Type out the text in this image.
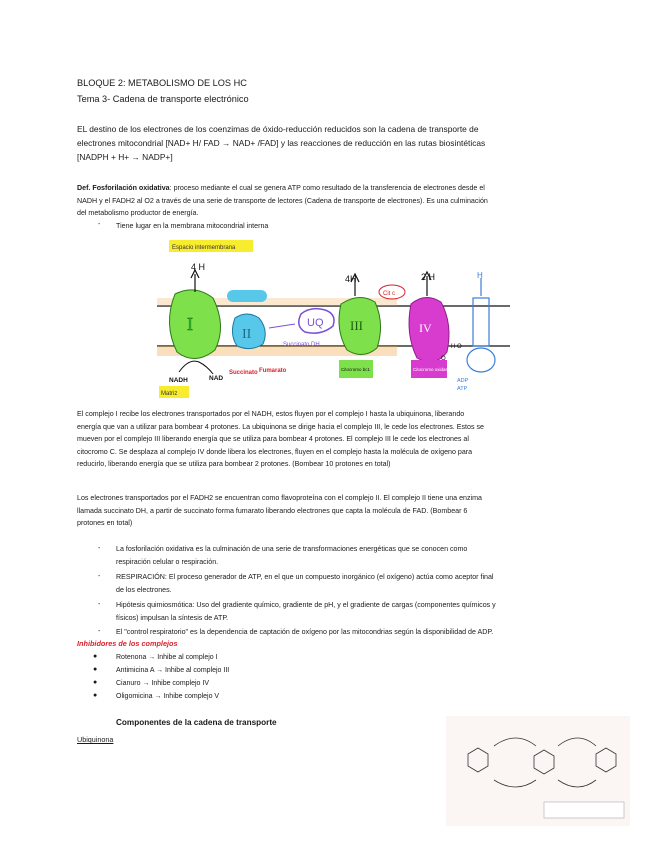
BLOQUE 2: METABOLISMO DE LOS HC
Tema 3- Cadena de transporte electrónico
EL destino de los electrones de los coenzimas de óxido-reducción reducidos son la cadena de transporte de
electrones mitocondrial [NAD+ H/ FAD → NAD+ /FAD] y las reacciones de reducción en las rutas biosintéticas
[NADPH + H+ → NADP+]
Def. Fosforilación oxidativa: proceso mediante el cual se genera ATP como resultado de la transferencia de electrones desde el
NADH y el FADH2 al O2 a través de una serie de transporte de lectores (Cadena de transporte de electrones). Es una culminación
del metabolismo productor de energía.
- Tiene lugar en la membrana mitocondrial interna
Espacio intermembrana
I
4 H
NADH	NAD
II
Succinato Fumarato
Succinato DH
UQ III
4H
Citocromo bc1
Cit c
IV
2 H
Citocromo oxidasa
O
H O
H
ADP
ATP
Matriz
El complejo I recibe los electrones transportados por el NADH, estos fluyen por el complejo I hasta la ubiquinona, liberando
energía que van a utilizar para bombear 4 protones. La ubiquinona se dirige hacia el complejo III, le cede los electrones. Estos se
mueven por el complejo III liberando energía que se utiliza para bombear 4 protones. El complejo III le cede los electrones al
citocromo C. Se desplaza al complejo IV donde libera los electrones, fluyen en el complejo hasta la molécula de oxígeno para
reducirlo, liberando energía que se utiliza para bombear 2 protones. (Bombear 10 protones en total)
Los electrones transportados por el FADH2 se encuentran como flavoproteína con el complejo II. El complejo II tiene una enzima
llamada succinato DH, a partir de succinato forma fumarato liberando electrones que capta la molécula de FAD. (Bombear 6
protones en total)
- La fosforilación oxidativa es la culminación de una serie de transformaciones energéticas que se conocen como
respiración celular o respiración.
- RESPIRACIÓN: El proceso generador de ATP, en el que un compuesto inorgánico (el oxígeno) actúa como aceptor final
de los electrones.
- Hipótesis quimiosmótica: Uso del gradiente químico, gradiente de pH, y el gradiente de cargas (componentes químicos y
físicos) impulsan la síntesis de ATP.
- El "control respiratorio" es la dependencia de captación de oxígeno por las mitocondrias según la disponibilidad de ADP.
Inhibidores de los complejos
●	Rotenona → Inhibe al complejo I
●	Antimicina A → Inhibe al complejo III
●	Cianuro → Inhibe complejo IV
●	Oligomicina → Inhibe complejo V
Componentes de la cadena de transporte
Ubiquinona
